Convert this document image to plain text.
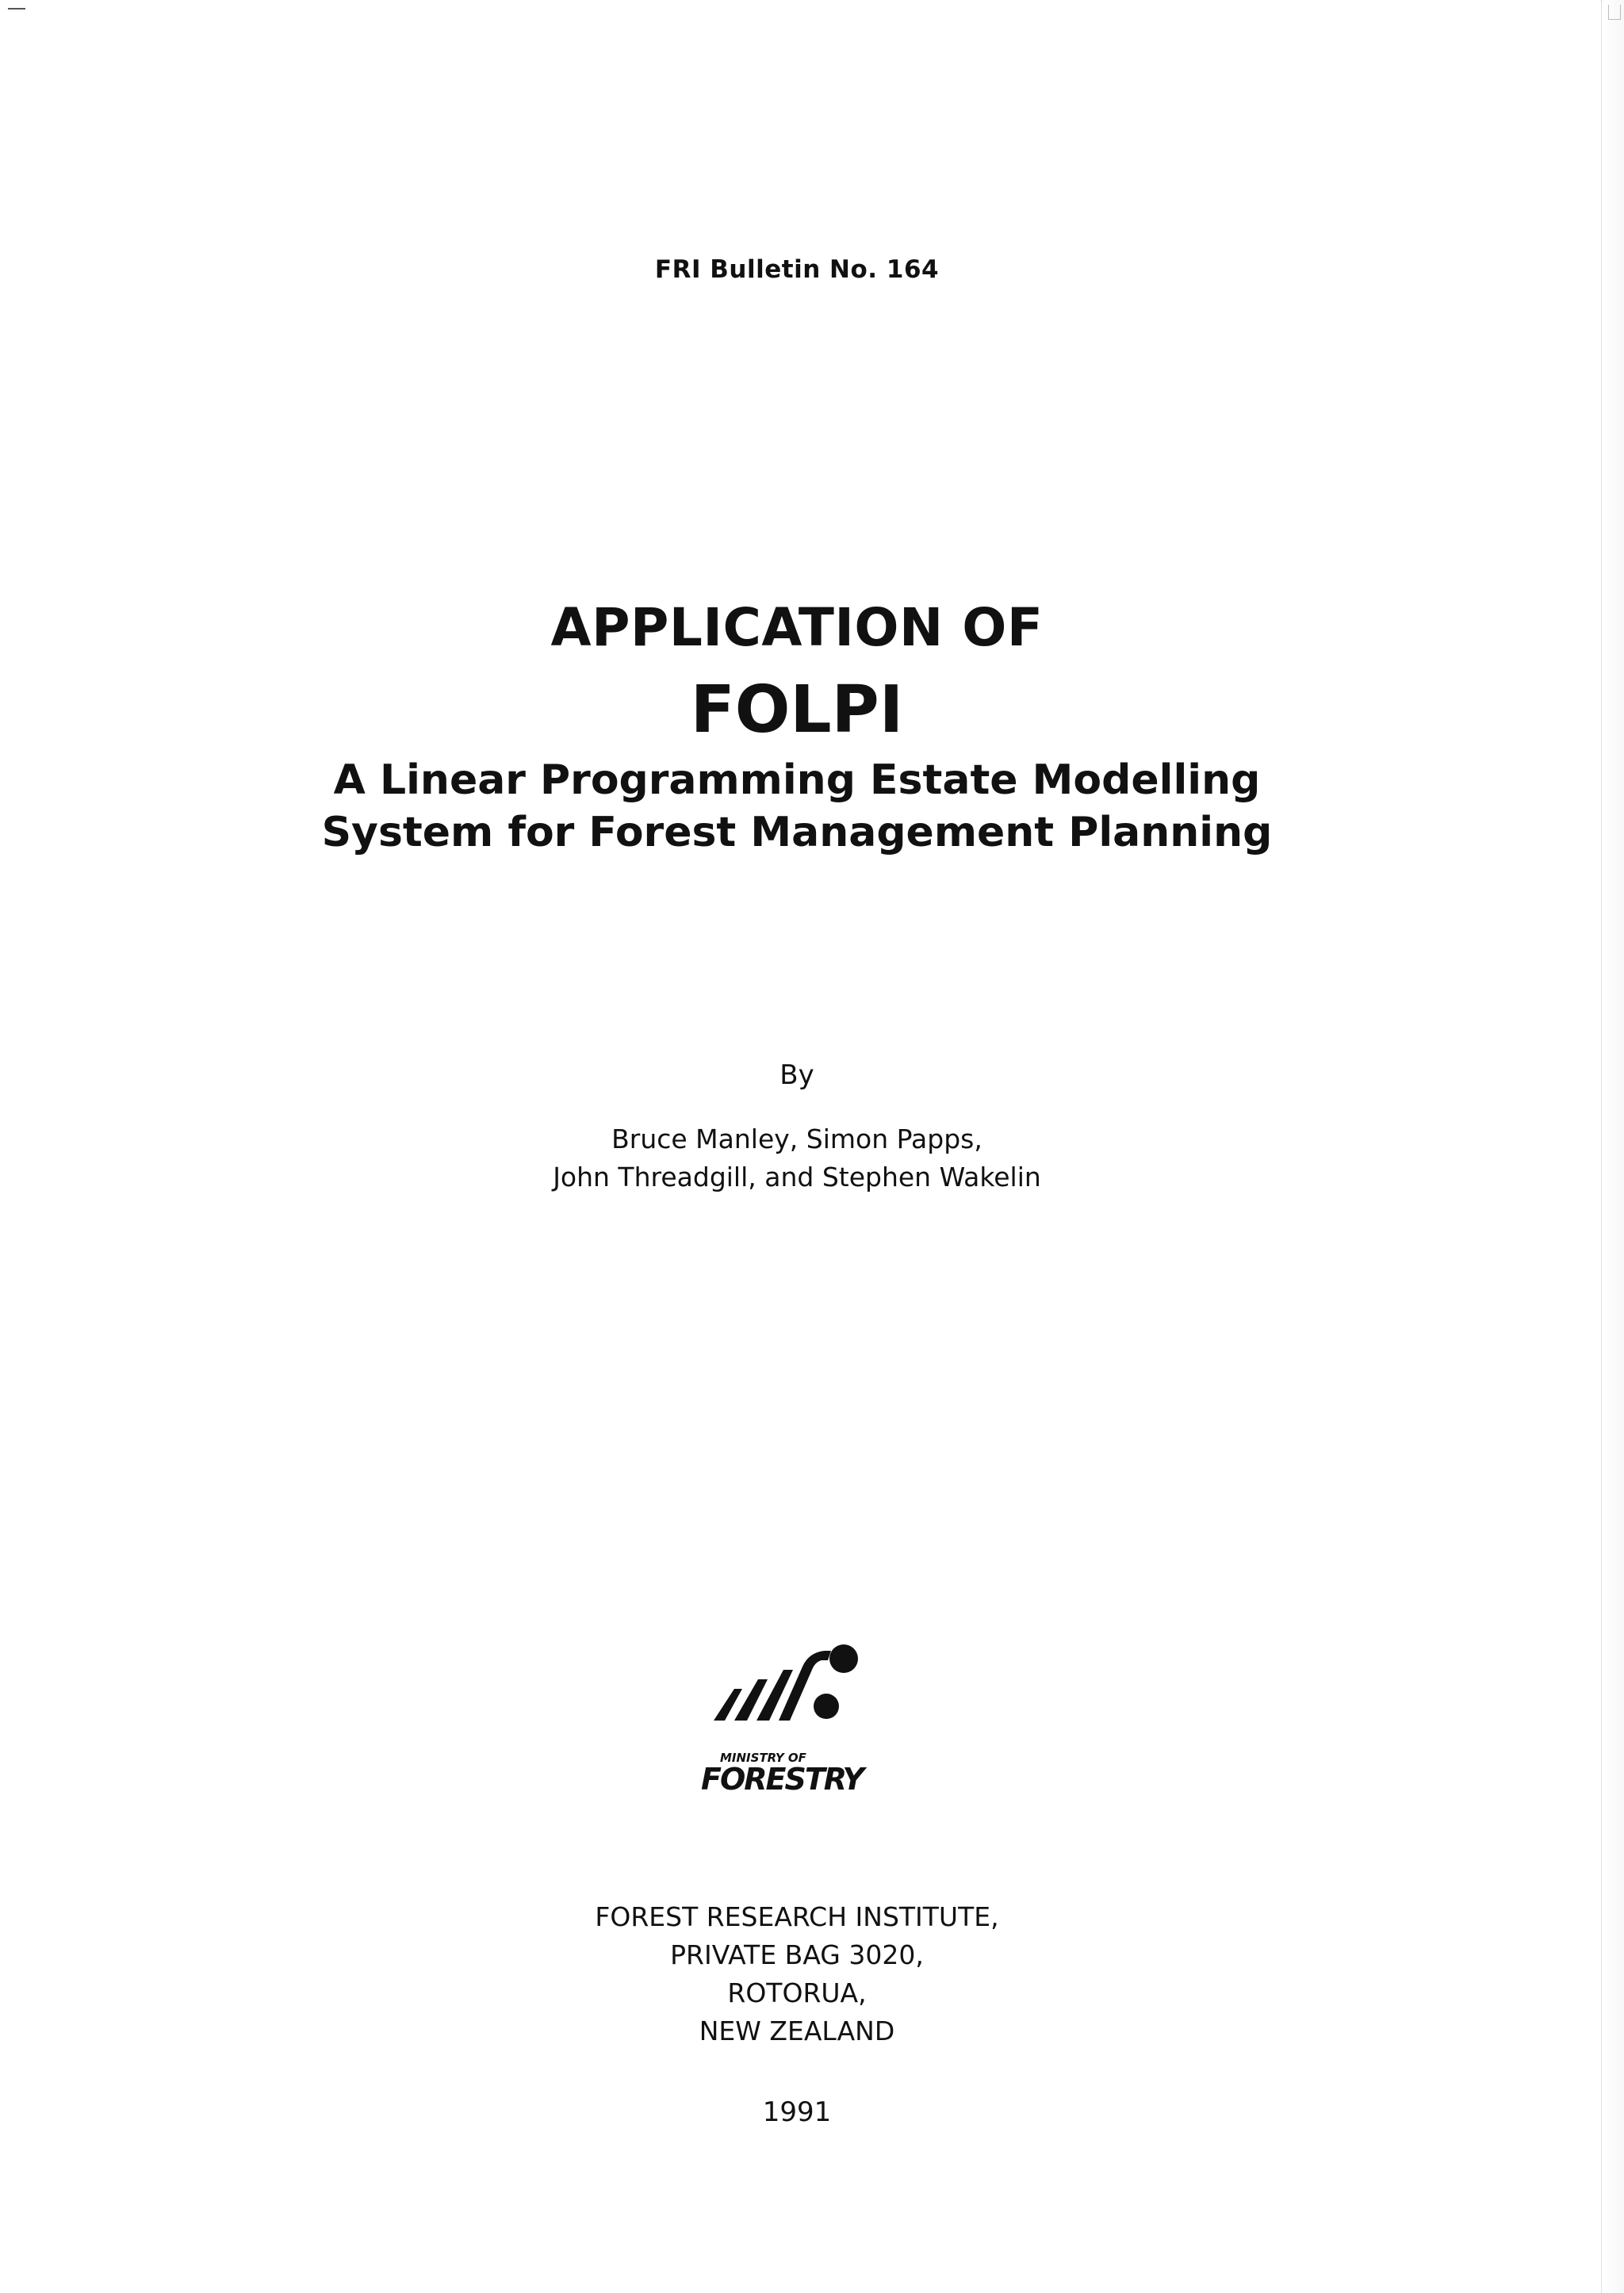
FRI Bulletin No. 164

APPLICATION OF
FOLPI
A Linear Programming Estate Modelling
System for Forest Management Planning

By

Bruce Manley, Simon Papps,

John Threadgill, and Stephen Wakelin

MINISTRY OF
FORESTRY

FOREST RESEARCH INSTITUTE,

PRIVATE BAG 3020,

ROTORUA,

NEW ZEALAND

1991
